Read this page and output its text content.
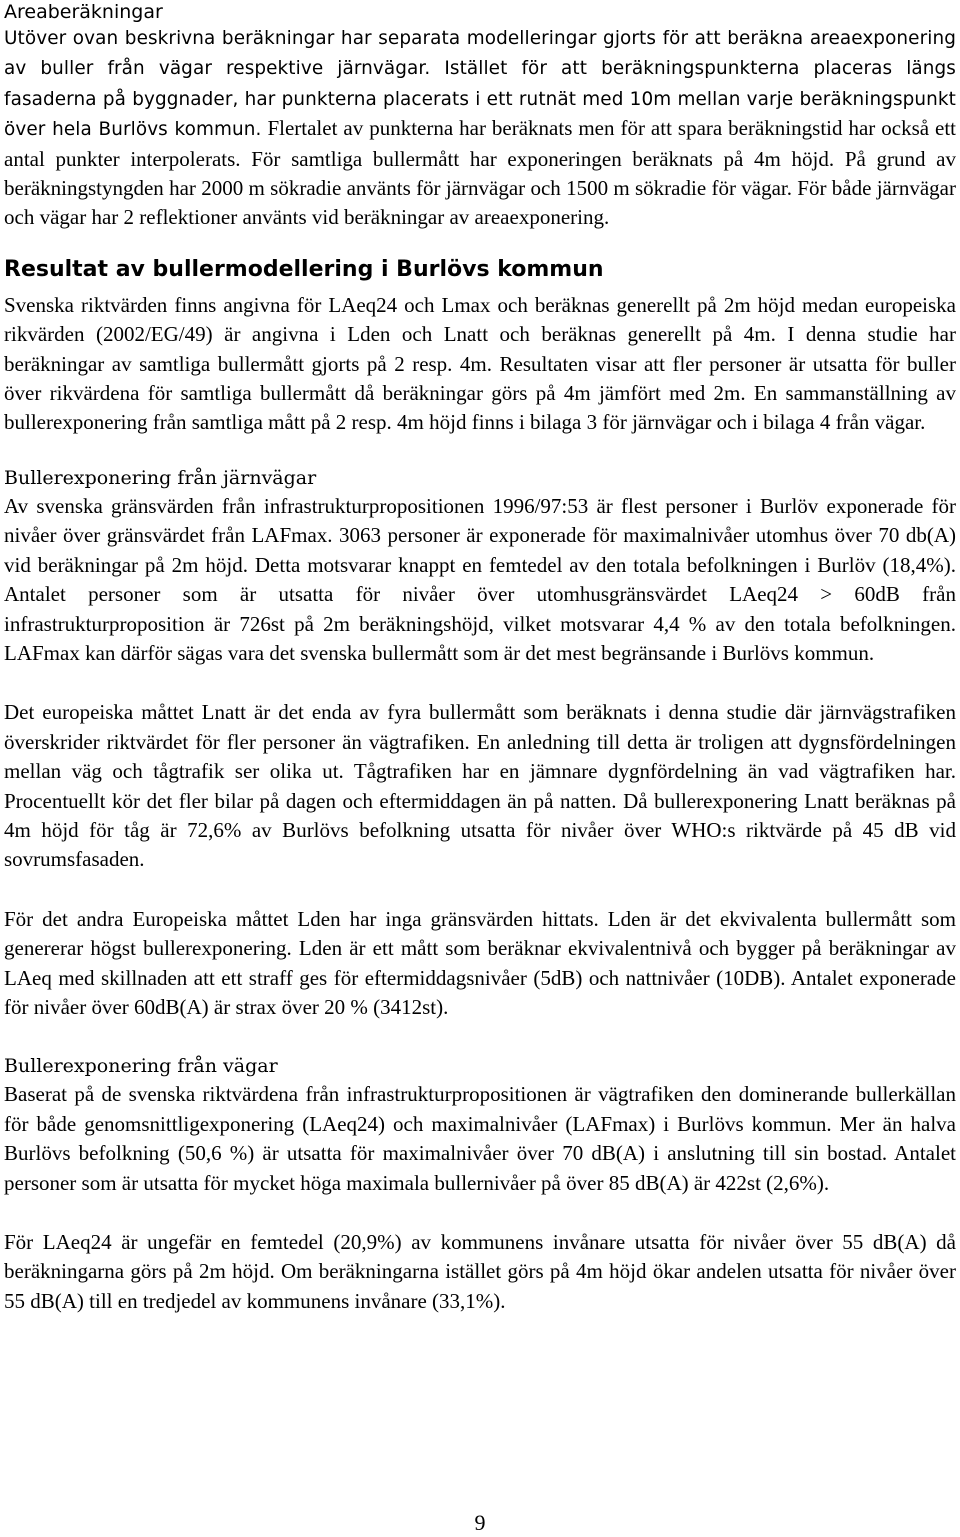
Areaberäkningar

Utöver ovan beskrivna beräkningar har separata modelleringar gjorts för att beräkna areaexponering av buller från vägar respektive järnvägar. Istället för att beräkningspunkterna placeras längs fasaderna på byggnader, har punkterna placerats i ett rutnät med 10m mellan varje beräkningspunkt över hela Burlövs kommun. Flertalet av punkterna har beräknats men för att spara beräkningstid har också ett antal punkter interpolerats. För samtliga bullermått har exponeringen beräknats på 4m höjd. På grund av beräkningstyngden har 2000 m sökradie använts för järnvägar och 1500 m sökradie för vägar. För både järnvägar och vägar har 2 reflektioner använts vid beräkningar av areaexponering.

Resultat av bullermodellering i Burlövs kommun

Svenska riktvärden finns angivna för LAeq24 och Lmax och beräknas generellt på 2m höjd medan europeiska rikvärden (2002/EG/49) är angivna i Lden och Lnatt och beräknas generellt på 4m. I denna studie har beräkningar av samtliga bullermått gjorts på 2 resp. 4m. Resultaten visar att fler personer är utsatta för buller över rikvärdena för samtliga bullermått då beräkningar görs på 4m jämfört med 2m. En sammanställning av bullerexponering från samtliga mått på 2 resp. 4m höjd finns i bilaga 3 för järnvägar och i bilaga 4 från vägar.

Bullerexponering från järnvägar

Av svenska gränsvärden från infrastrukturpropositionen 1996/97:53 är flest personer i Burlöv exponerade för nivåer över gränsvärdet från LAFmax. 3063 personer är exponerade för maximalnivåer utomhus över 70 db(A) vid beräkningar på 2m höjd. Detta motsvarar knappt en femtedel av den totala befolkningen i Burlöv (18,4%). Antalet personer som är utsatta för nivåer över utomhusgränsvärdet LAeq24 > 60dB från infrastrukturproposition är 726st på 2m beräkningshöjd, vilket motsvarar 4,4 % av den totala befolkningen. LAFmax kan därför sägas vara det svenska bullermått som är det mest begränsande i Burlövs kommun.

Det europeiska måttet Lnatt är det enda av fyra bullermått som beräknats i denna studie där järnvägstrafiken överskrider riktvärdet för fler personer än vägtrafiken. En anledning till detta är troligen att dygnsfördelningen mellan väg och tågtrafik ser olika ut. Tågtrafiken har en jämnare dygnfördelning än vad vägtrafiken har. Procentuellt kör det fler bilar på dagen och eftermiddagen än på natten. Då bullerexponering Lnatt beräknas på 4m höjd för tåg är 72,6% av Burlövs befolkning utsatta för nivåer över WHO:s riktvärde på 45 dB vid sovrumsfasaden.

För det andra Europeiska måttet Lden har inga gränsvärden hittats. Lden är det ekvivalenta bullermått som genererar högst bullerexponering. Lden är ett mått som beräknar ekvivalentnivå och bygger på beräkningar av LAeq med skillnaden att ett straff ges för eftermiddagsnivåer (5dB) och nattnivåer (10DB). Antalet exponerade för nivåer över 60dB(A) är strax över 20 % (3412st).

Bullerexponering från vägar

Baserat på de svenska riktvärdena från infrastrukturpropositionen är vägtrafiken den dominerande bullerkällan för både genomsnittligexponering (LAeq24) och maximalnivåer (LAFmax) i Burlövs kommun. Mer än halva Burlövs befolkning (50,6 %) är utsatta för maximalnivåer över 70 dB(A) i anslutning till sin bostad. Antalet personer som är utsatta för mycket höga maximala bullernivåer på över 85 dB(A) är 422st (2,6%).

För LAeq24 är ungefär en femtedel (20,9%) av kommunens invånare utsatta för nivåer över 55 dB(A) då beräkningarna görs på 2m höjd. Om beräkningarna istället görs på 4m höjd ökar andelen utsatta för nivåer över 55 dB(A) till en tredjedel av kommunens invånare (33,1%).

9
